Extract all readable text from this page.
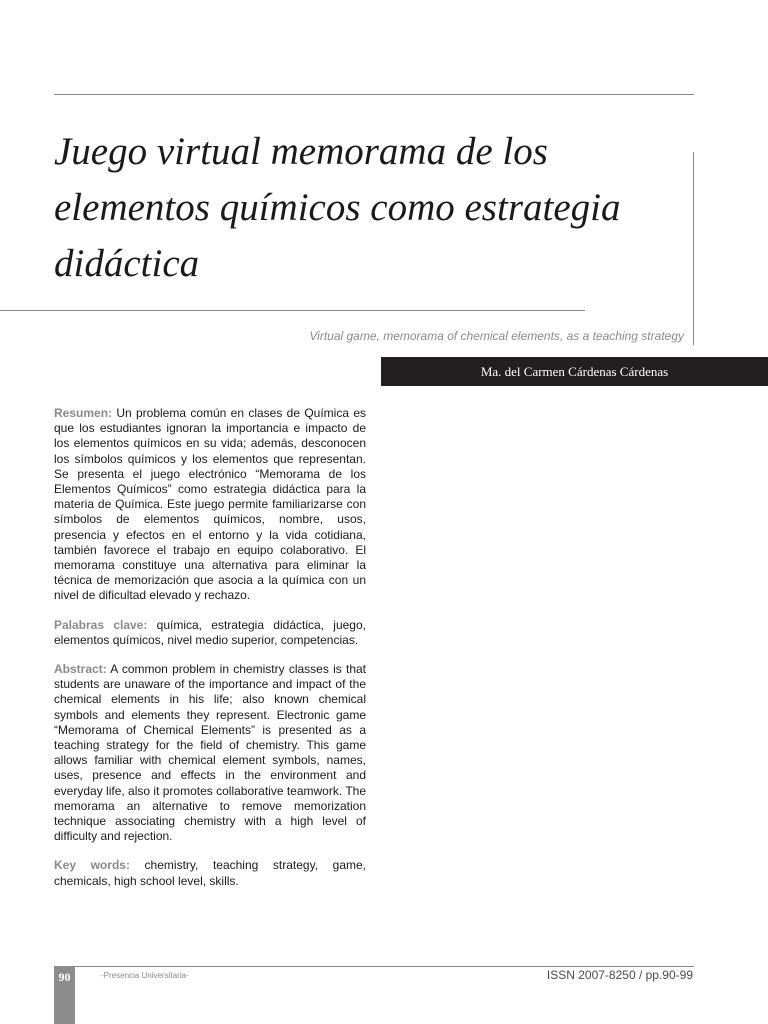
Juego virtual memorama de los
elementos químicos como estrategia
didáctica
Virtual game, memorama of chemical elements, as a teaching strategy
Ma. del Carmen Cárdenas Cárdenas

Resumen: Un problema común en clases de Química es que los estudiantes ignoran la importancia e impacto de los elementos químicos en su vida; además, desconocen los símbolos químicos y los elementos que representan. Se presenta el juego electrónico “Memorama de los Elementos Químicos” como estrategia didáctica para la materia de Química. Este juego permite familiarizarse con símbolos de elementos químicos, nombre, usos, presencia y efectos en el entorno y la vida cotidiana, también favorece el trabajo en equipo colaborativo. El memorama constituye una alternativa para eliminar la técnica de memorización que asocia a la química con un nivel de dificultad elevado y rechazo.

Palabras clave: química, estrategia didáctica, juego, elementos químicos, nivel medio superior, competencias.

Abstract: A common problem in chemistry classes is that students are unaware of the importance and impact of the chemical elements in his life; also known chemical symbols and elements they represent. Electronic game “Memorama of Chemical Elements” is presented as a teaching strategy for the field of chemistry. This game allows familiar with chemical element symbols, names, uses, presence and effects in the environment and everyday life, also it promotes collaborative teamwork. The memorama an alternative to remove memorization technique associating chemistry with a high level of difficulty and rejection.

Key words: chemistry, teaching strategy, game, chemicals, high school level, skills.

90	-Presencia Universitaria-	ISSN 2007-8250 / pp.90-99
